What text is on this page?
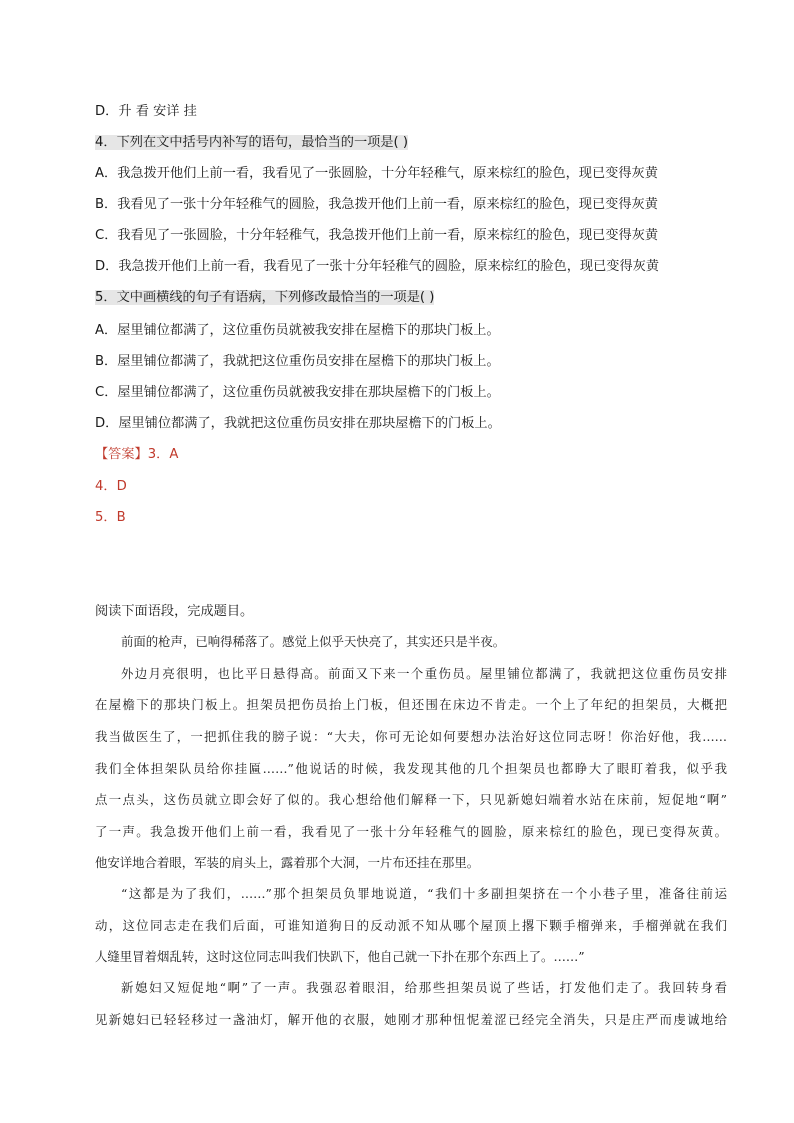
D．升 看 安详 挂
4．下列在文中括号内补写的语句，最恰当的一项是( )
A．我急拨开他们上前一看，我看见了一张圆脸，十分年轻稚气，原来棕红的脸色，现已变得灰黄
B．我看见了一张十分年轻稚气的圆脸，我急拨开他们上前一看，原来棕红的脸色，现已变得灰黄
C．我看见了一张圆脸，十分年轻稚气，我急拨开他们上前一看，原来棕红的脸色，现已变得灰黄
D．我急拨开他们上前一看，我看见了一张十分年轻稚气的圆脸，原来棕红的脸色，现已变得灰黄
5．文中画横线的句子有语病，下列修改最恰当的一项是( )
A．屋里铺位都满了，这位重伤员就被我安排在屋檐下的那块门板上。
B．屋里铺位都满了，我就把这位重伤员安排在屋檐下的那块门板上。
C．屋里铺位都满了，这位重伤员就被我安排在那块屋檐下的门板上。
D．屋里铺位都满了，我就把这位重伤员安排在那块屋檐下的门板上。
【答案】3．A
4．D
5．B
阅读下面语段，完成题目。
前面的枪声，已响得稀落了。感觉上似乎天快亮了，其实还只是半夜。
外边月亮很明，也比平日悬得高。前面又下来一个重伤员。屋里铺位都满了，我就把这位重伤员安排
在屋檐下的那块门板上。担架员把伤员抬上门板，但还围在床边不肯走。一个上了年纪的担架员，大概把
我当做医生了，一把抓住我的膀子说：“大夫，你可无论如何要想办法治好这位同志呀！你治好他，我……
我们全体担架队员给你挂匾……”他说话的时候，我发现其他的几个担架员也都睁大了眼盯着我，似乎我
点一点头，这伤员就立即会好了似的。我心想给他们解释一下，只见新媳妇端着水站在床前，短促地“啊”
了一声。我急拨开他们上前一看，我看见了一张十分年轻稚气的圆脸，原来棕红的脸色，现已变得灰黄。
他安详地合着眼，军装的肩头上，露着那个大洞，一片布还挂在那里。
“这都是为了我们，……”那个担架员负罪地说道，“我们十多副担架挤在一个小巷子里，准备往前运
动，这位同志走在我们后面，可谁知道狗日的反动派不知从哪个屋顶上撂下颗手榴弹来，手榴弹就在我们
人缝里冒着烟乱转，这时这位同志叫我们快趴下，他自己就一下扑在那个东西上了。……”
新媳妇又短促地“啊”了一声。我强忍着眼泪，给那些担架员说了些话，打发他们走了。我回转身看
见新媳妇已轻轻移过一盏油灯，解开他的衣服，她刚才那种忸怩羞涩已经完全消失，只是庄严而虔诚地给
